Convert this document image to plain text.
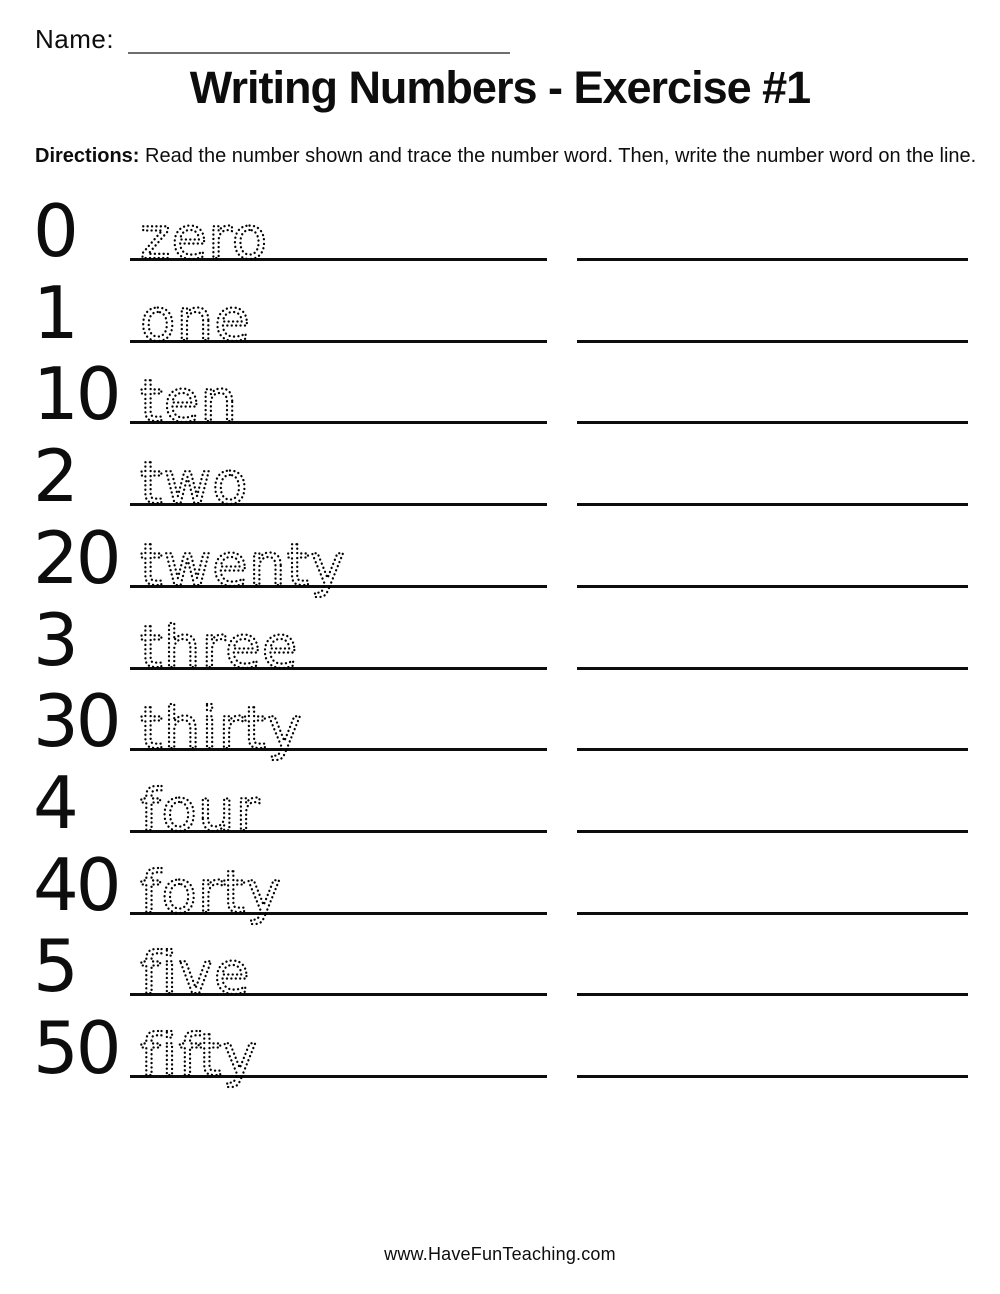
Name:
Writing Numbers - Exercise #1

Directions: Read the number shown and trace the number word. Then, write the number word on the line.

0 zero
1 one
10 ten
2 two
20 twenty
3 three
30 thirty
4 four
40 forty
5 five
50 fifty
www.HaveFunTeaching.com
